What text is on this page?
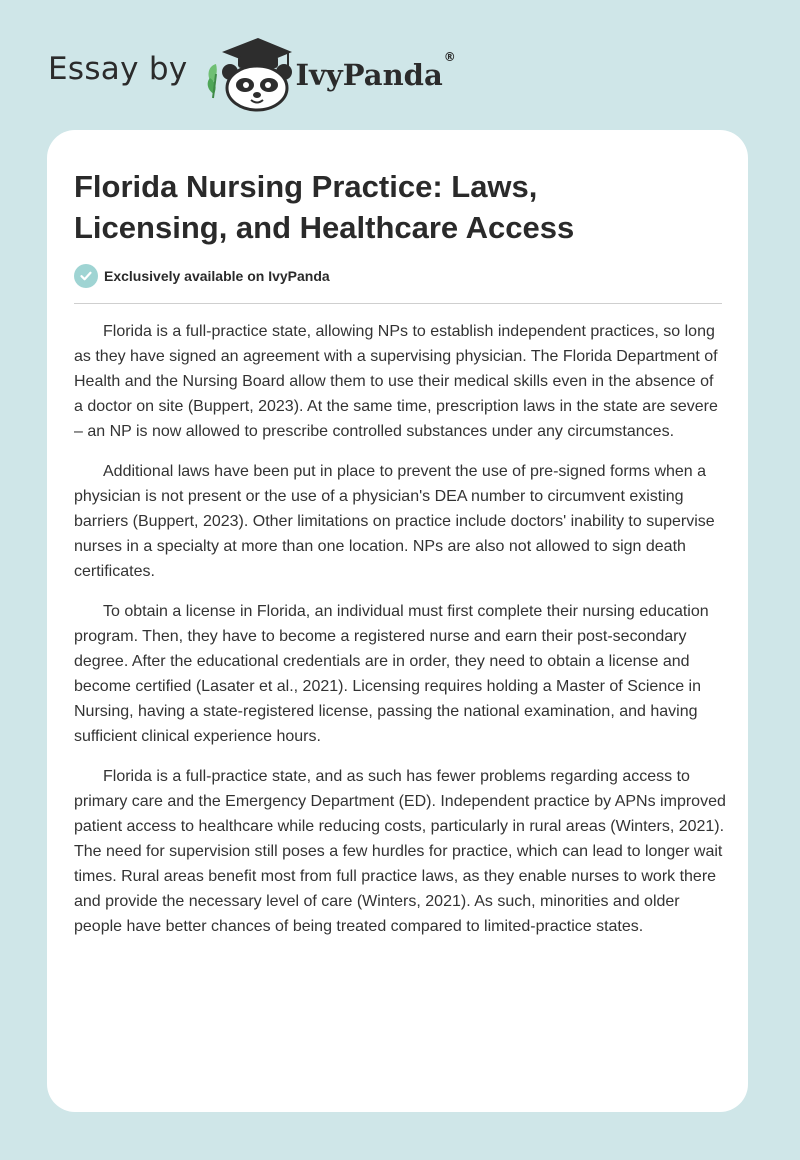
Essay by	IvyPanda®
Florida Nursing Practice: Laws, Licensing, and Healthcare Access
Exclusively available on IvyPanda

Florida is a full-practice state, allowing NPs to establish independent practices, so long as they have signed an agreement with a supervising physician. The Florida Department of Health and the Nursing Board allow them to use their medical skills even in the absence of a doctor on site (Buppert, 2023). At the same time, prescription laws in the state are severe – an NP is now allowed to prescribe controlled substances under any circumstances.

Additional laws have been put in place to prevent the use of pre-signed forms when a physician is not present or the use of a physician's DEA number to circumvent existing barriers (Buppert, 2023). Other limitations on practice include doctors' inability to supervise nurses in a specialty at more than one location. NPs are also not allowed to sign death certificates.

To obtain a license in Florida, an individual must first complete their nursing education program. Then, they have to become a registered nurse and earn their post-secondary degree. After the educational credentials are in order, they need to obtain a license and become certified (Lasater et al., 2021). Licensing requires holding a Master of Science in Nursing, having a state-registered license, passing the national examination, and having sufficient clinical experience hours.

Florida is a full-practice state, and as such has fewer problems regarding access to primary care and the Emergency Department (ED). Independent practice by APNs improved patient access to healthcare while reducing costs, particularly in rural areas (Winters, 2021). The need for supervision still poses a few hurdles for practice, which can lead to longer wait times. Rural areas benefit most from full practice laws, as they enable nurses to work there and provide the necessary level of care (Winters, 2021). As such, minorities and older people have better chances of being treated compared to limited-practice states.
